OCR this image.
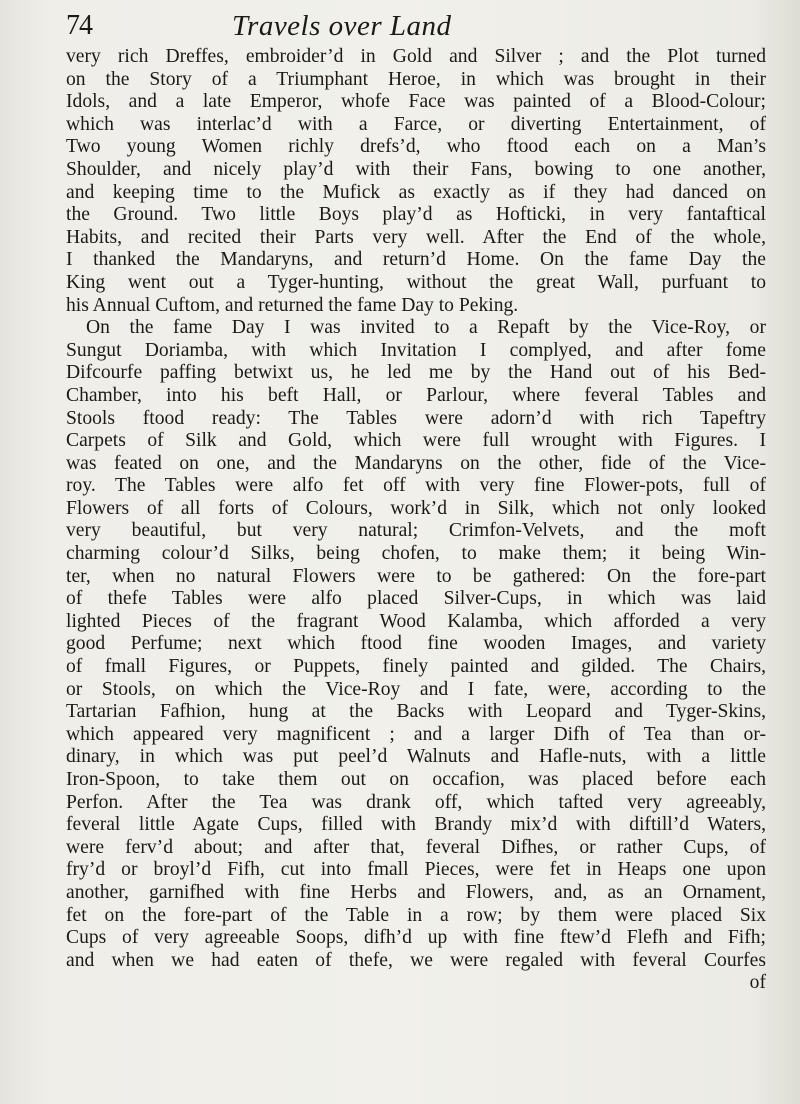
74	Travels over Land
very rich Dreffes, embroider’d in Gold and Silver ; and the Plot turned
on the Story of a Triumphant Heroe, in which was brought in their
Idols, and a late Emperor, whofe Face was painted of a Blood-Colour;
which was interlac’d with a Farce, or diverting Entertainment, of
Two young Women richly drefs’d, who ftood each on a Man’s
Shoulder, and nicely play’d with their Fans, bowing to one another,
and keeping time to the Mufick as exactly as if they had danced on
the Ground. Two little Boys play’d as Hofticki, in very fantaftical
Habits, and recited their Parts very well. After the End of the whole,
I thanked the Mandaryns, and return’d Home. On the fame Day the
King went out a Tyger-hunting, without the great Wall, purfuant to
his Annual Cuftom, and returned the fame Day to Peking.
On the fame Day I was invited to a Repaft by the Vice-Roy, or
Sungut Doriamba, with which Invitation I complyed, and after fome
Difcourfe paffing betwixt us, he led me by the Hand out of his Bed-
Chamber, into his beft Hall, or Parlour, where feveral Tables and
Stools ftood ready: The Tables were adorn’d with rich Tapeftry
Carpets of Silk and Gold, which were full wrought with Figures. I
was feated on one, and the Mandaryns on the other, fide of the Vice-
roy. The Tables were alfo fet off with very fine Flower-pots, full of
Flowers of all forts of Colours, work’d in Silk, which not only looked
very beautiful, but very natural; Crimfon-Velvets, and the moft
charming colour’d Silks, being chofen, to make them; it being Win-
ter, when no natural Flowers were to be gathered: On the fore-part
of thefe Tables were alfo placed Silver-Cups, in which was laid
lighted Pieces of the fragrant Wood Kalamba, which afforded a very
good Perfume; next which ftood fine wooden Images, and variety
of fmall Figures, or Puppets, finely painted and gilded. The Chairs,
or Stools, on which the Vice-Roy and I fate, were, according to the
Tartarian Fafhion, hung at the Backs with Leopard and Tyger-Skins,
which appeared very magnificent ; and a larger Difh of Tea than or-
dinary, in which was put peel’d Walnuts and Hafle-nuts, with a little
Iron-Spoon, to take them out on occafion, was placed before each
Perfon. After the Tea was drank off, which tafted very agreeably,
feveral little Agate Cups, filled with Brandy mix’d with diftill’d Waters,
were ferv’d about; and after that, feveral Difhes, or rather Cups, of
fry’d or broyl’d Fifh, cut into fmall Pieces, were fet in Heaps one upon
another, garnifhed with fine Herbs and Flowers, and, as an Ornament,
fet on the fore-part of the Table in a row; by them were placed Six
Cups of very agreeable Soops, difh’d up with fine ftew’d Flefh and Fifh;
and when we had eaten of thefe, we were regaled with feveral Courfes
of
